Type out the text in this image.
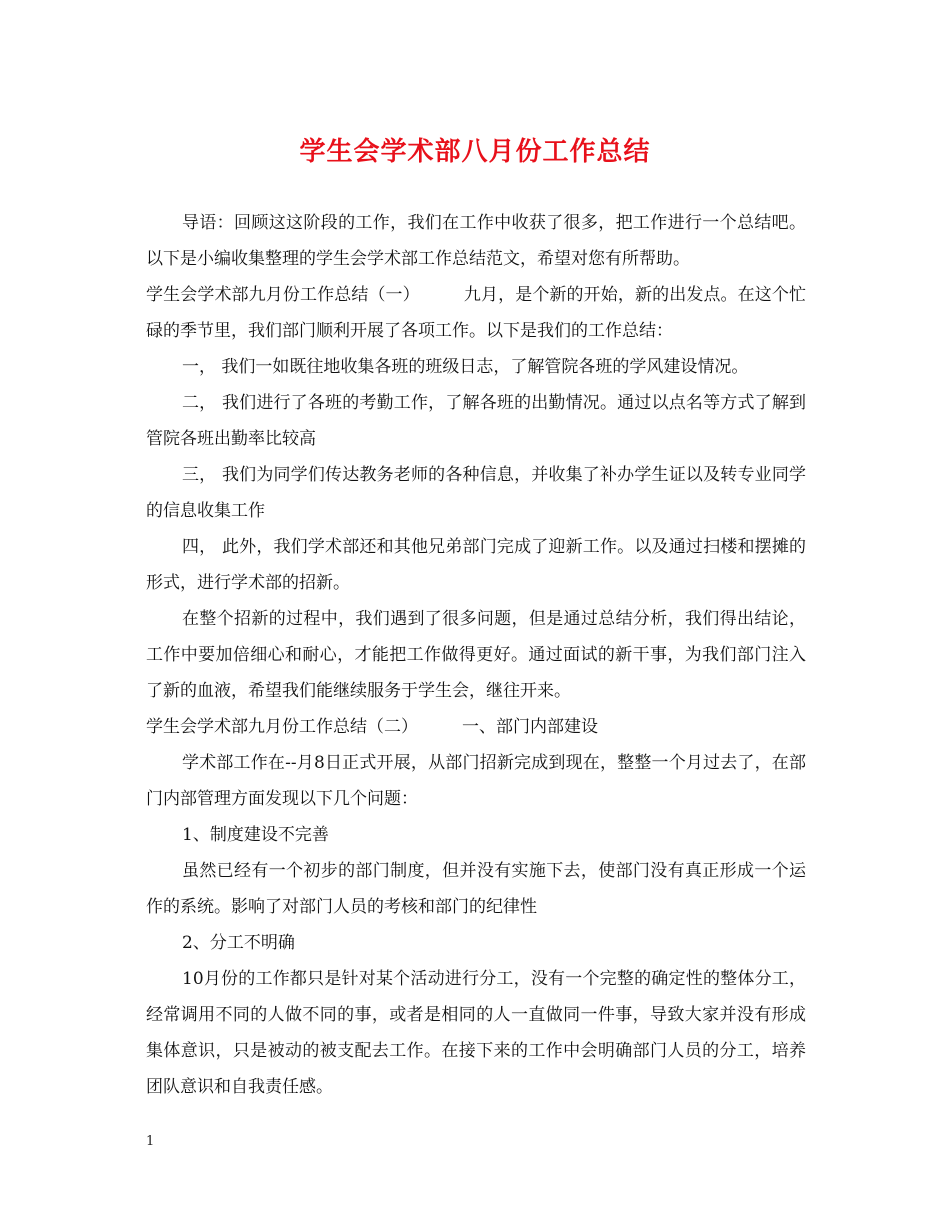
学生会学术部八月份工作总结

导语：回顾这这阶段的工作，我们在工作中收获了很多，把工作进行一个总结吧。以下是小编收集整理的学生会学术部工作总结范文，希望对您有所帮助。

学生会学术部九月份工作总结（一）	九月，是个新的开始，新的出发点。在这个忙碌的季节里，我们部门顺利开展了各项工作。以下是我们的工作总结：

一， 我们一如既往地收集各班的班级日志，了解管院各班的学风建设情况。

二， 我们进行了各班的考勤工作，了解各班的出勤情况。通过以点名等方式了解到管院各班出勤率比较高

三， 我们为同学们传达教务老师的各种信息，并收集了补办学生证以及转专业同学的信息收集工作

四， 此外，我们学术部还和其他兄弟部门完成了迎新工作。以及通过扫楼和摆摊的形式，进行学术部的招新。

在整个招新的过程中，我们遇到了很多问题，但是通过总结分析，我们得出结论，工作中要加倍细心和耐心，才能把工作做得更好。通过面试的新干事，为我们部门注入了新的血液，希望我们能继续服务于学生会，继往开来。

学生会学术部九月份工作总结（二）	一、部门内部建设

学术部工作在--月8日正式开展，从部门招新完成到现在，整整一个月过去了，在部门内部管理方面发现以下几个问题：

1、制度建设不完善

虽然已经有一个初步的部门制度，但并没有实施下去，使部门没有真正形成一个运作的系统。影响了对部门人员的考核和部门的纪律性

2、分工不明确

10月份的工作都只是针对某个活动进行分工，没有一个完整的确定性的整体分工，经常调用不同的人做不同的事，或者是相同的人一直做同一件事，导致大家并没有形成集体意识，只是被动的被支配去工作。在接下来的工作中会明确部门人员的分工，培养团队意识和自我责任感。

1
